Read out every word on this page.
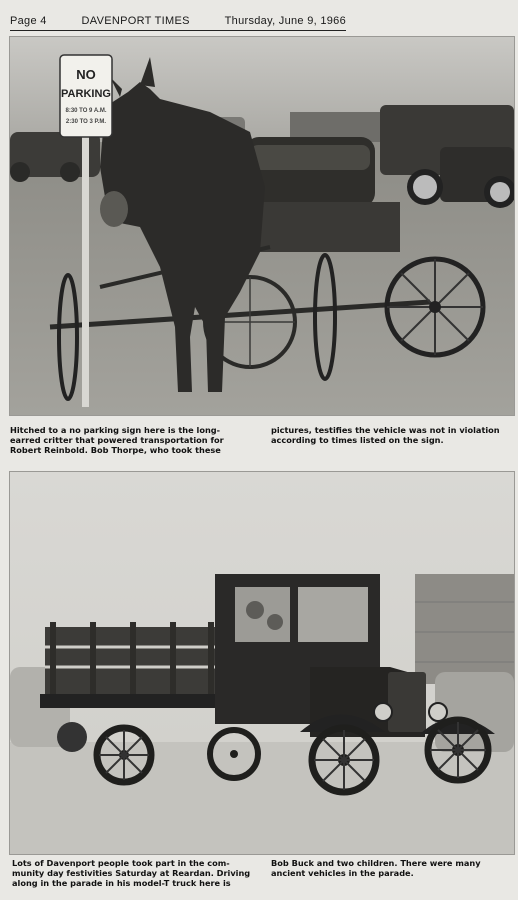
Page 4	DAVENPORT TIMES	Thursday, June 9, 1966
NO
PARKING
8:30 TO 9 A.M.
2:30 TO 3 P.M.
Hitched to a no parking sign here is the long-
earred critter that powered transportation for
Robert Reinbold. Bob Thorpe, who took these
pictures, testifies the vehicle was not in violation
according to times listed on the sign.
Lots of Davenport people took part in the com-
munity day festivities Saturday at Reardan. Driving
along in the parade in his model-T truck here is
Bob Buck and two children. There were many
ancient vehicles in the parade.
